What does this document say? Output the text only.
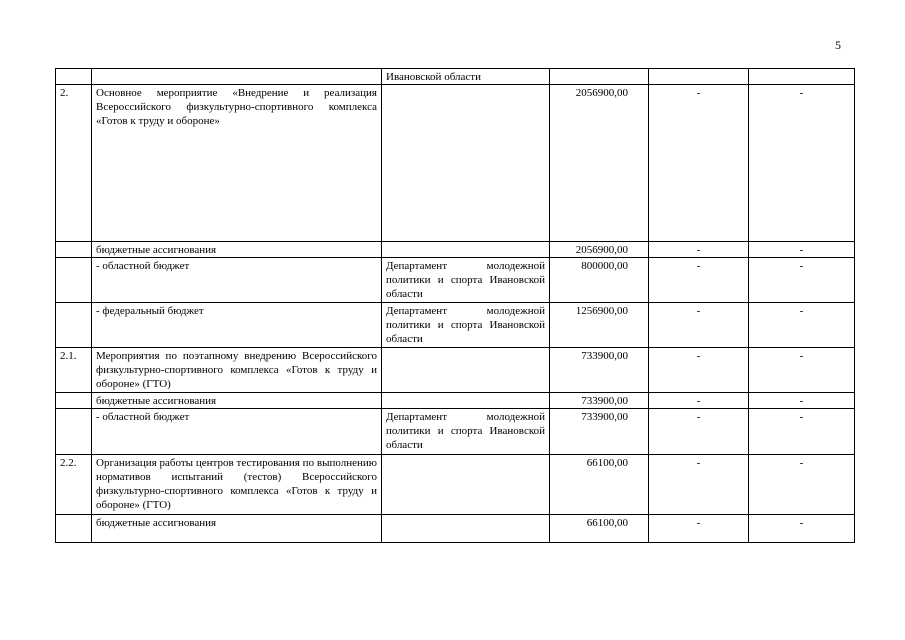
5
		Ивановской области			
2.	Основное мероприятие «Внедрение и реализация Всероссийского физкультурно-спортивного комплекса «Готов к труду и обороне»		2056900,00	-	-
	бюджетные ассигнования		2056900,00	-	-
	- областной бюджет	Департамент молодежной политики и спорта Ивановской области	800000,00	-	-
	- федеральный бюджет	Департамент молодежной политики и спорта Ивановской области	1256900,00	-	-
2.1.	Мероприятия по поэтапному внедрению Всероссийского физкультурно-спортивного комплекса «Готов к труду и обороне» (ГТО)		733900,00	-	-
	бюджетные ассигнования		733900,00	-	-
	- областной бюджет	Департамент молодежной политики и спорта Ивановской области	733900,00	-	-
2.2.	Организация работы центров тестирования по выполнению нормативов испытаний (тестов) Всероссийского физкультурно-спортивного комплекса «Готов к труду и обороне» (ГТО)		66100,00	-	-
	бюджетные ассигнования		66100,00	-	-
